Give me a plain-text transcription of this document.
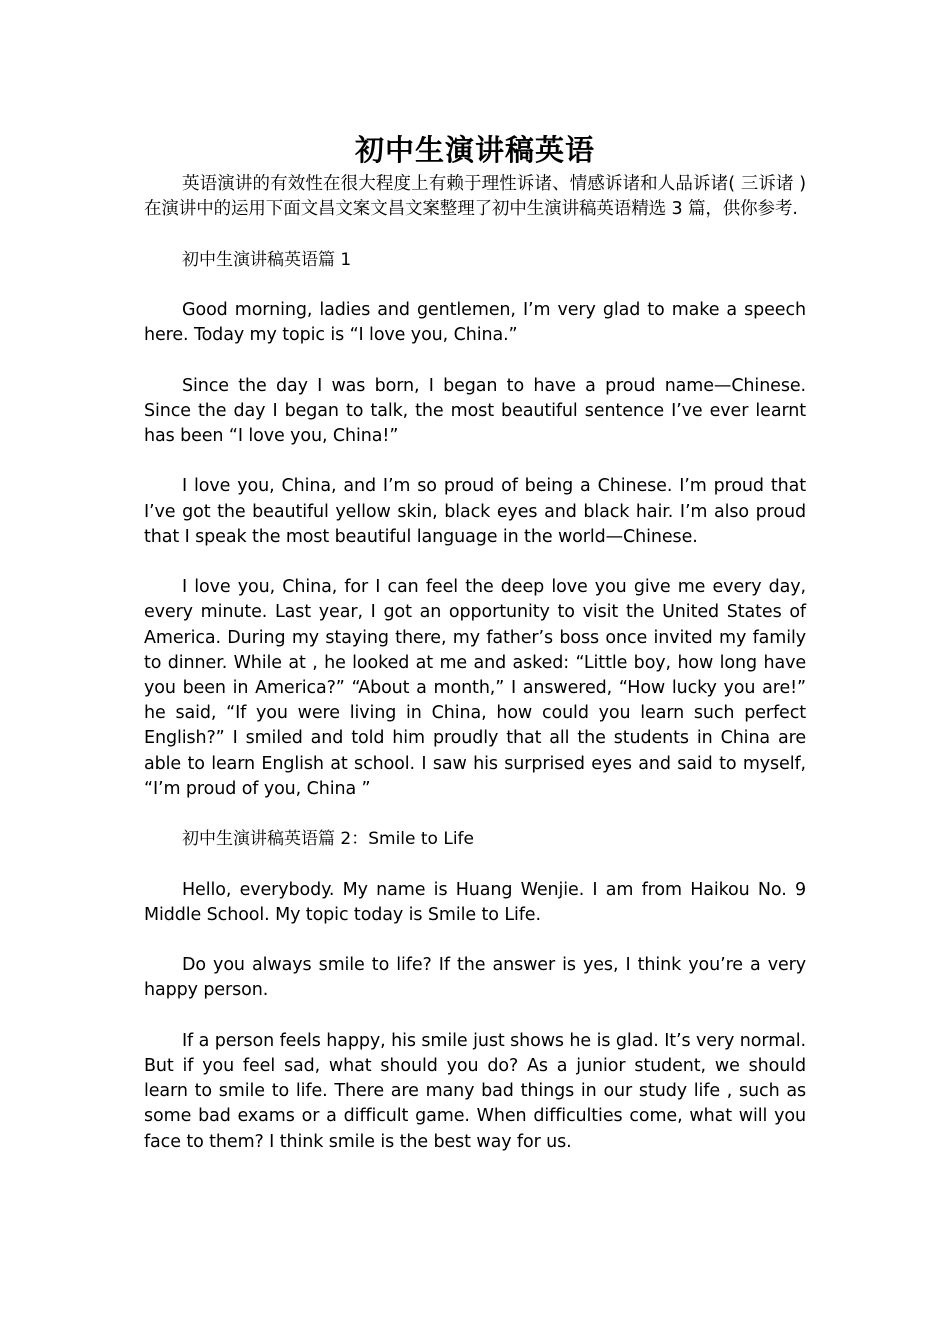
初中生演讲稿英语

英语演讲的有效性在很大程度上有赖于理性诉诸、情感诉诸和人品诉诸( 三诉诸 )在演讲中的运用下面文昌文案文昌文案整理了初中生演讲稿英语精选 3 篇，供你参考.

初中生演讲稿英语篇 1

Good morning, ladies and gentlemen, I’m very glad to make a speech here. Today my topic is “I love you, China.”

Since the day I was born, I began to have a proud name—Chinese. Since the day I began to talk, the most beautiful sentence I’ve ever learnt has been “I love you, China!”

I love you, China, and I’m so proud of being a Chinese. I’m proud that I’ve got the beautiful yellow skin, black eyes and black hair. I’m also proud that I speak the most beautiful language in the world—Chinese.

I love you, China, for I can feel the deep love you give me every day, every minute. Last year, I got an opportunity to visit the United States of America. During my staying there, my father’s boss once invited my family to dinner. While at , he looked at me and asked: “Little boy, how long have you been in America?” “About a month,” I answered, “How lucky you are!” he said, “If you were living in China, how could you learn such perfect English?” I smiled and told him proudly that all the students in China are able to learn English at school. I saw his surprised eyes and said to myself, “I’m proud of you, China ”

初中生演讲稿英语篇 2：Smile to Life

Hello, everybody. My name is Huang Wenjie. I am from Haikou No. 9 Middle School. My topic today is Smile to Life.

Do you always smile to life? If the answer is yes, I think you’re a very happy person.

If a person feels happy, his smile just shows he is glad. It’s very normal. But if you feel sad, what should you do? As a junior student, we should learn to smile to life. There are many bad things in our study life , such as some bad exams or a difficult game. When difficulties come, what will you face to them? I think smile is the best way for us.
